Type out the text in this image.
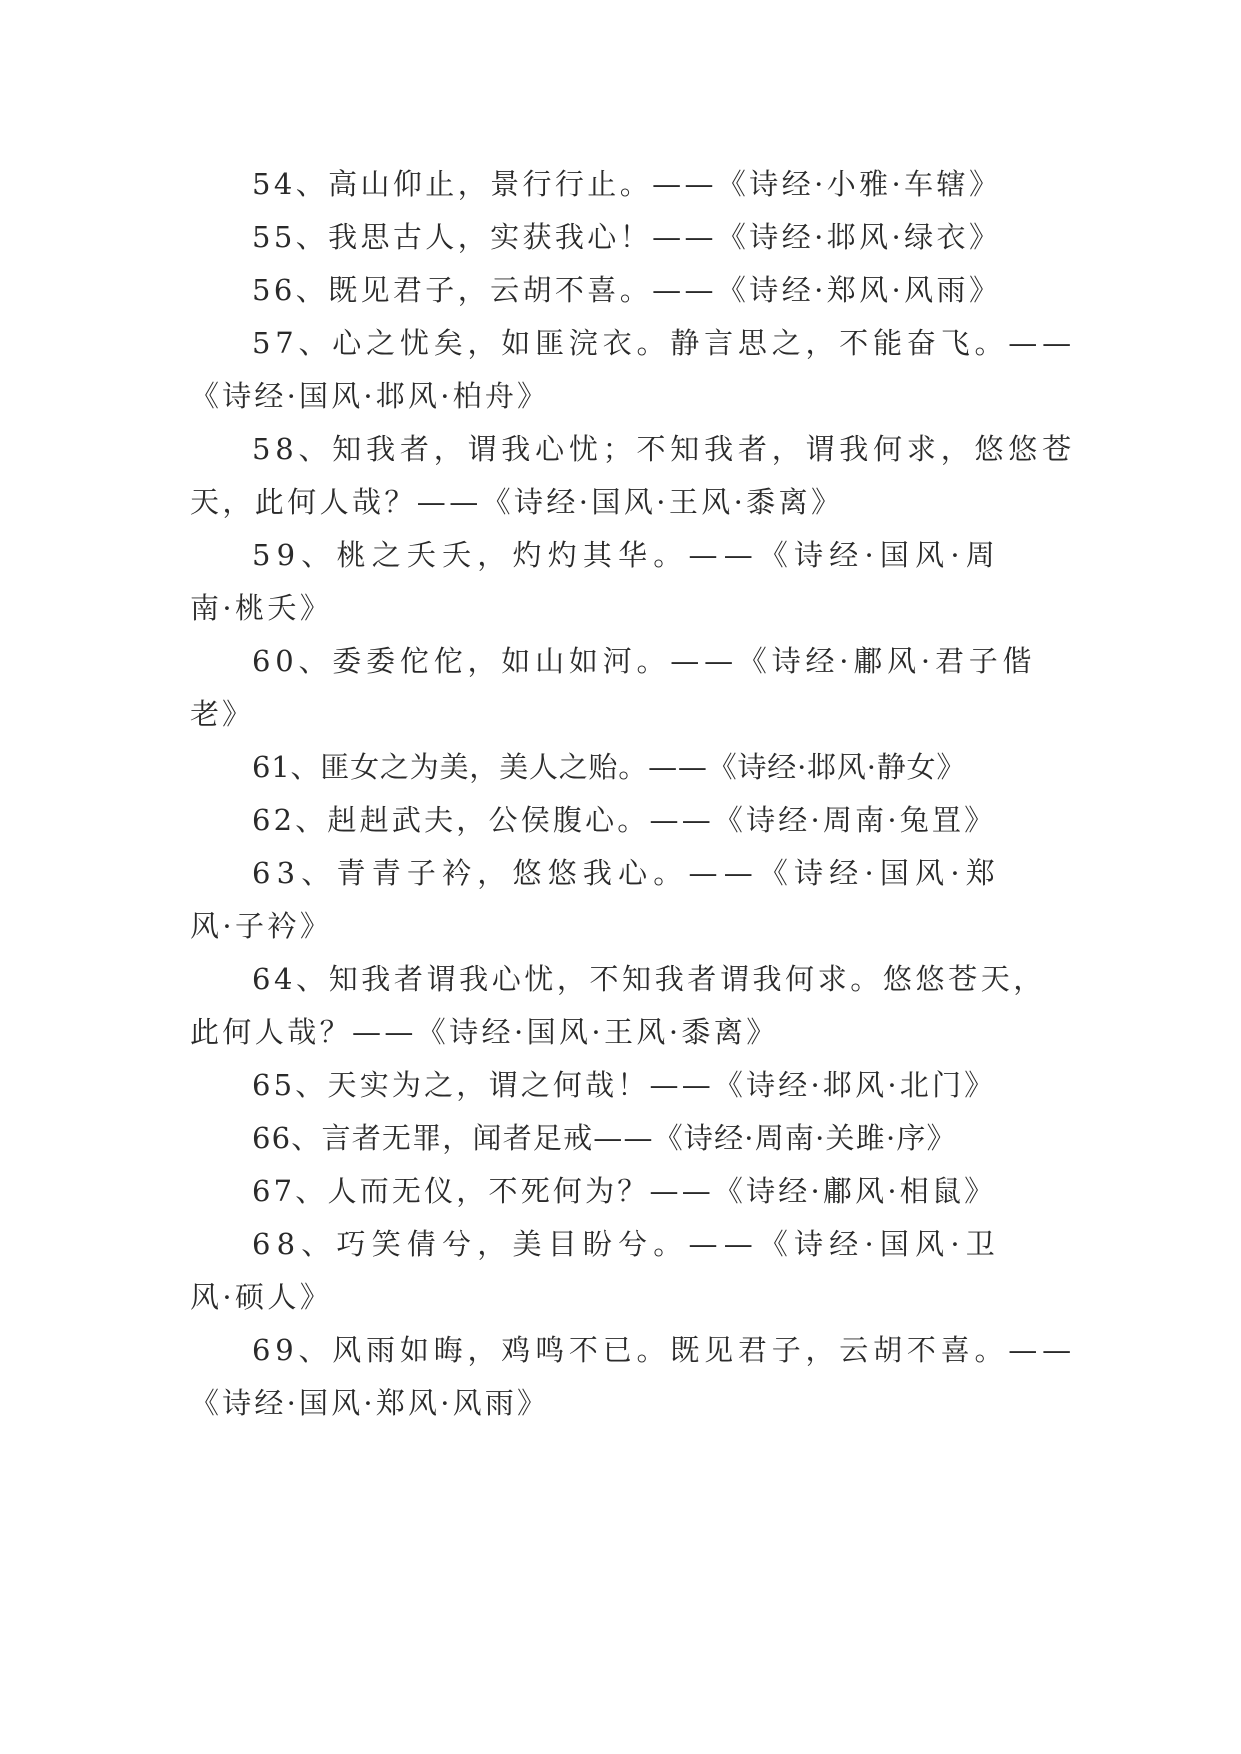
54、高山仰止，景行行止。——《诗经·小雅·车辖》
55、我思古人，实获我心！——《诗经·邶风·绿衣》
56、既见君子，云胡不喜。——《诗经·郑风·风雨》
57、心之忧矣，如匪浣衣。静言思之，不能奋飞。——
《诗经·国风·邶风·柏舟》
58、知我者，谓我心忧；不知我者，谓我何求，悠悠苍
天，此何人哉？——《诗经·国风·王风·黍离》
59、桃之夭夭，灼灼其华。——《诗经·国风·周
南·桃夭》
60、委委佗佗，如山如河。——《诗经·鄘风·君子偕
老》
61、匪女之为美，美人之贻。——《诗经·邶风·静女》
62、赳赳武夫，公侯腹心。——《诗经·周南·兔罝》
63、青青子衿，悠悠我心。——《诗经·国风·郑
风·子衿》
64、知我者谓我心忧，不知我者谓我何求。悠悠苍天，
此何人哉？——《诗经·国风·王风·黍离》
65、天实为之，谓之何哉！——《诗经·邶风·北门》
66、言者无罪，闻者足戒——《诗经·周南·关雎·序》
67、人而无仪，不死何为？——《诗经·鄘风·相鼠》
68、巧笑倩兮，美目盼兮。——《诗经·国风·卫
风·硕人》
69、风雨如晦，鸡鸣不已。既见君子，云胡不喜。——
《诗经·国风·郑风·风雨》
